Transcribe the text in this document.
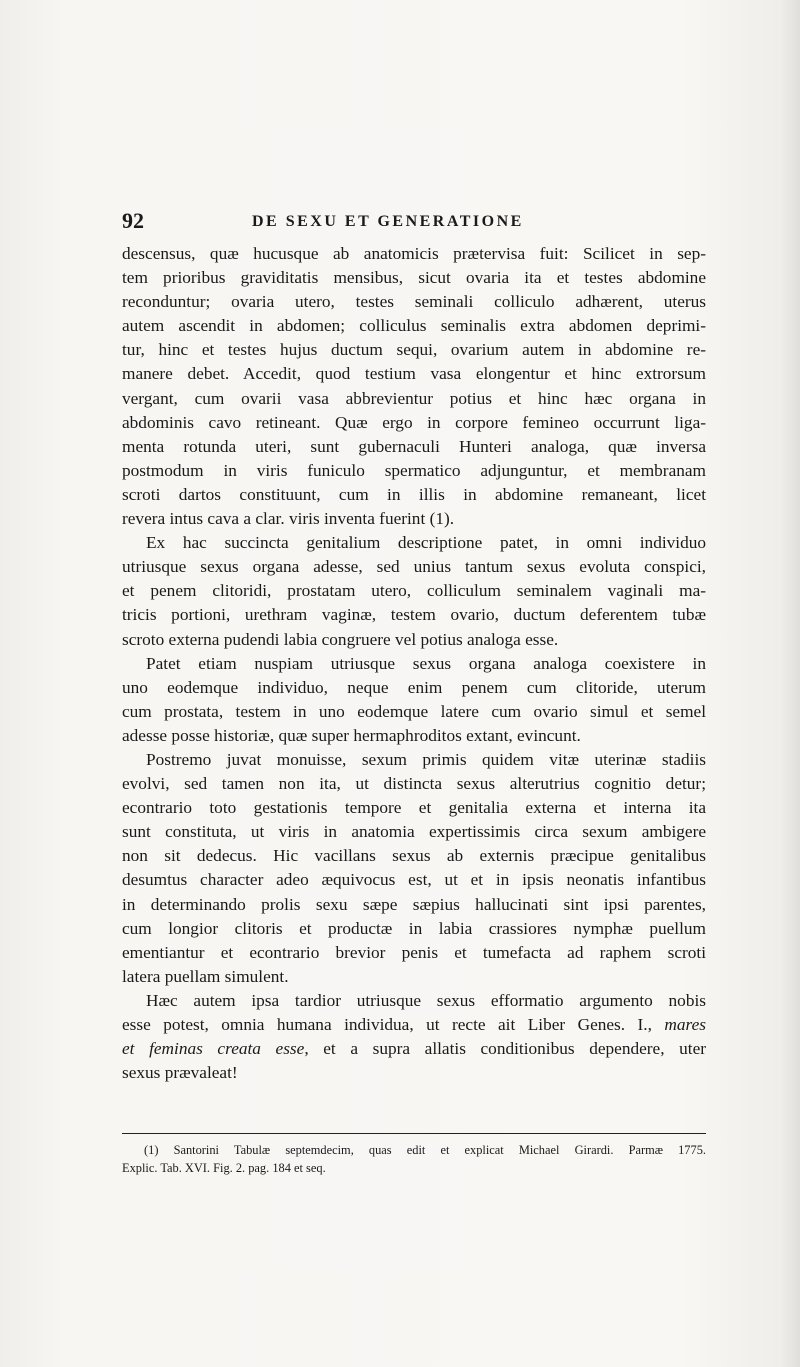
92	DE SEXU ET GENERATIONE
descensus, quæ hucusque ab anatomicis prætervisa fuit: Scilicet in sep-
tem prioribus graviditatis mensibus, sicut ovaria ita et testes abdomine
reconduntur; ovaria utero, testes seminali colliculo adhærent, uterus
autem ascendit in abdomen; colliculus seminalis extra abdomen deprimi-
tur, hinc et testes hujus ductum sequi, ovarium autem in abdomine re-
manere debet. Accedit, quod testium vasa elongentur et hinc extrorsum
vergant, cum ovarii vasa abbrevientur potius et hinc hæc organa in
abdominis cavo retineant. Quæ ergo in corpore femineo occurrunt liga-
menta rotunda uteri, sunt gubernaculi Hunteri analoga, quæ inversa
postmodum in viris funiculo spermatico adjunguntur, et membranam
scroti dartos constituunt, cum in illis in abdomine remaneant, licet
revera intus cava a clar. viris inventa fuerint (1).
Ex hac succincta genitalium descriptione patet, in omni individuo
utriusque sexus organa adesse, sed unius tantum sexus evoluta conspici,
et penem clitoridi, prostatam utero, colliculum seminalem vaginali ma-
tricis portioni, urethram vaginæ, testem ovario, ductum deferentem tubæ
scroto externa pudendi labia congruere vel potius analoga esse.
Patet etiam nuspiam utriusque sexus organa analoga coexistere in
uno eodemque individuo, neque enim penem cum clitoride, uterum
cum prostata, testem in uno eodemque latere cum ovario simul et semel
adesse posse historiæ, quæ super hermaphroditos extant, evincunt.
Postremo juvat monuisse, sexum primis quidem vitæ uterinæ stadiis
evolvi, sed tamen non ita, ut distincta sexus alterutrius cognitio detur;
econtrario toto gestationis tempore et genitalia externa et interna ita
sunt constituta, ut viris in anatomia expertissimis circa sexum ambigere
non sit dedecus. Hic vacillans sexus ab externis præcipue genitalibus
desumtus character adeo æquivocus est, ut et in ipsis neonatis infantibus
in determinando prolis sexu sæpe sæpius hallucinati sint ipsi parentes,
cum longior clitoris et productæ in labia crassiores nymphæ puellum
ementiantur et econtrario brevior penis et tumefacta ad raphem scroti
latera puellam simulent.
Hæc autem ipsa tardior utriusque sexus efformatio argumento nobis
esse potest, omnia humana individua, ut recte ait Liber Genes. I., mares
et feminas creata esse, et a supra allatis conditionibus dependere, uter
sexus prævaleat!
(1) Santorini Tabulæ septemdecim, quas edit et explicat Michael Girardi. Parmæ 1775.
Explic. Tab. XVI. Fig. 2. pag. 184 et seq.
